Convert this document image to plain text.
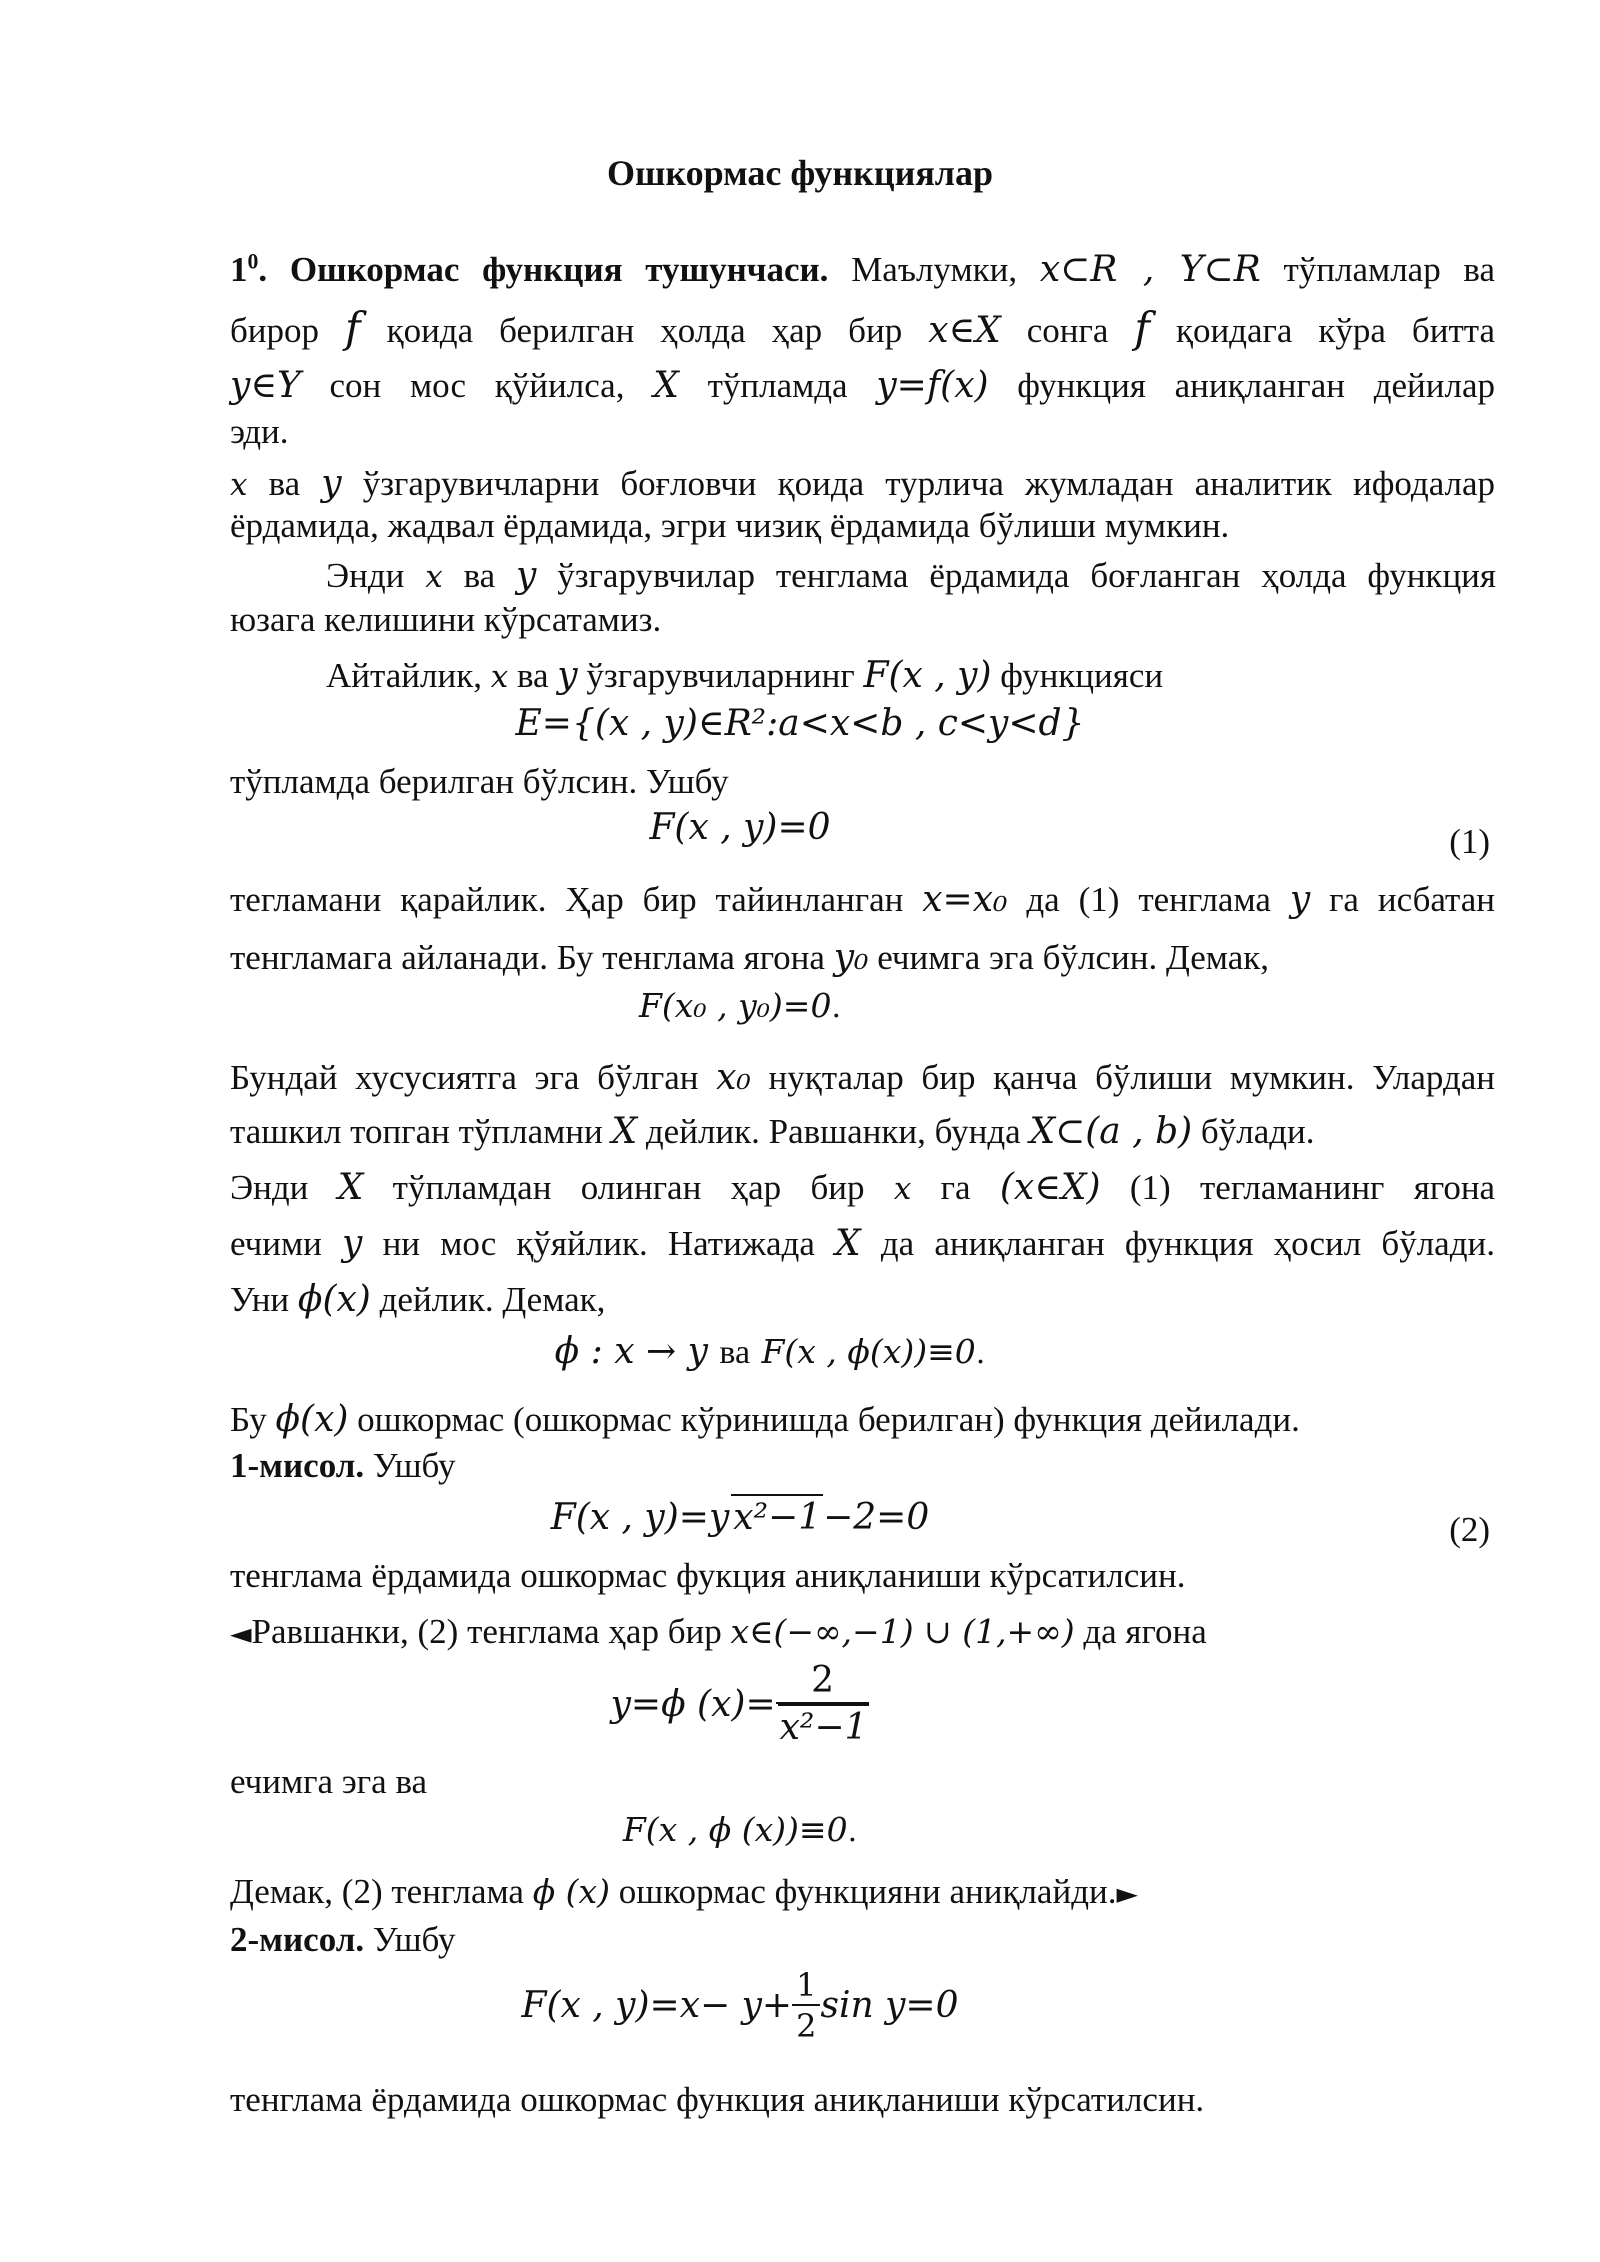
Ошкормас функциялар
$1^0$. Ошкормас функция тушунчаси. Маълумки, x⊂R , Y⊂R тўпламлар ва
бирор f қоида берилган ҳолда ҳар бир x∈X сонга f қоидага кўра битта
y∈Y сон мос қўйилса, X тўпламда y=f(x) функция аниқланган дейилар
эди.
x ва y ўзгарувичларни боғловчи қоида турлича жумладан аналитик ифодалар
ёрдамида, жадвал ёрдамида, эгри чизиқ ёрдамида бўлиши мумкин.
Энди x ва y ўзгарувчилар тенглама ёрдамида боғланган ҳолда функция
юзага келишини кўрсатамиз.
Айтайлик, x ва y ўзгарувчиларнинг F(x , y) функцияси
E={(x , y)∈R²:a<x<b , c<y<d}
тўпламда берилган бўлсин. Ушбу
F(x , y)=0	(1)
тегламани қарайлик. Ҳар бир тайинланган x=x₀ да (1) тенглама y га исбатан
тенгламага айланади. Бу тенглама ягона y₀ ечимга эга бўлсин. Демак,
F(x₀ , y₀)=0.
Бундай хусусиятга эга бўлган x₀ нуқталар бир қанча бўлиши мумкин. Улардан
ташкил топган тўпламни X дейлик. Равшанки, бунда X⊂(a , b) бўлади.
Энди X тўпламдан олинган ҳар бир x га (x∈X) (1) тегламанинг ягона
ечими y ни мос қўяйлик. Натижада X да аниқланган функция ҳосил бўлади.
Уни ϕ(x) дейлик. Демак,
ϕ : x → y ва F(x , ϕ(x))≡0.
Бу ϕ(x) ошкормас (ошкормас кўринишда берилган) функция дейилади.
1-мисол. Ушбу
F(x , y)=y x²−1−2=0	(2)
тенглама ёрдамида ошкормас фукция аниқланиши кўрсатилсин.
◄Равшанки, (2) тенглама ҳар бир x∈(−∞,−1) ∪ (1,+∞) да ягона
y=ϕ $(x)= \frac{2}{\text{x²−1}}$
ечимга эга ва
F(x , ϕ (x))≡0.
Демак, (2) тенглама ϕ (x) ошкормас функцияни аниқлайди.►
2-мисол. Ушбу
F(x , $y)=x- y+ \frac{1}{2}$ sin y=0
тенглама ёрдамида ошкормас функция аниқланиши кўрсатилсин.
